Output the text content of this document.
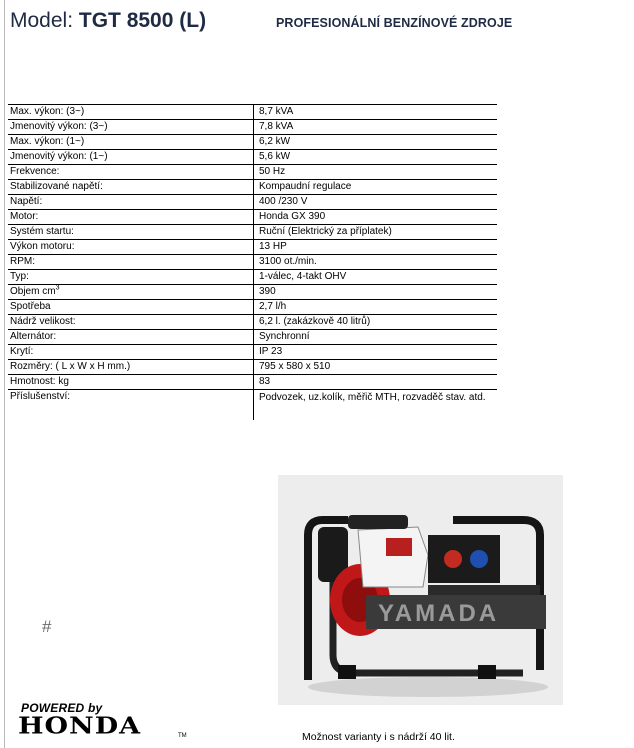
Model: TGT 8500 (L)	PROFESIONÁLNÍ BENZÍNOVÉ ZDROJE
Max. výkon: (3~)	8,7 kVA
Jmenovitý výkon: (3~)	7,8 kVA
Max. výkon: (1~)	6,2 kW
Jmenovitý výkon: (1~)	5,6 kW
Frekvence:	50 Hz
Stabilizované napětí:	Kompaudní regulace
Napětí:	400 /230 V
Motor:	Honda GX 390
Systém startu:	Ruční (Elektrický za příplatek)
Výkon motoru:	13 HP
RPM:	3100 ot./min.
Typ:	1-válec, 4-takt OHV
Objem $cm^3$	390
Spotřeba	2,7 l/h
Nádrž velikost:	6,2 l. (zakázkově 40 litrů)
Alternátor:	Synchronní
Krytí:	IP 23
Rozměry: ( L x W x H mm.)	795 x 580 x 510
Hmotnost: kg	83
Příslušenství:	Podvozek, uz.kolík, měřič MTH, rozvaděč stav. atd.
YAMADA
#
POWERED by
HONDA	TM	Možnost varianty i s nádrží 40 lit.
